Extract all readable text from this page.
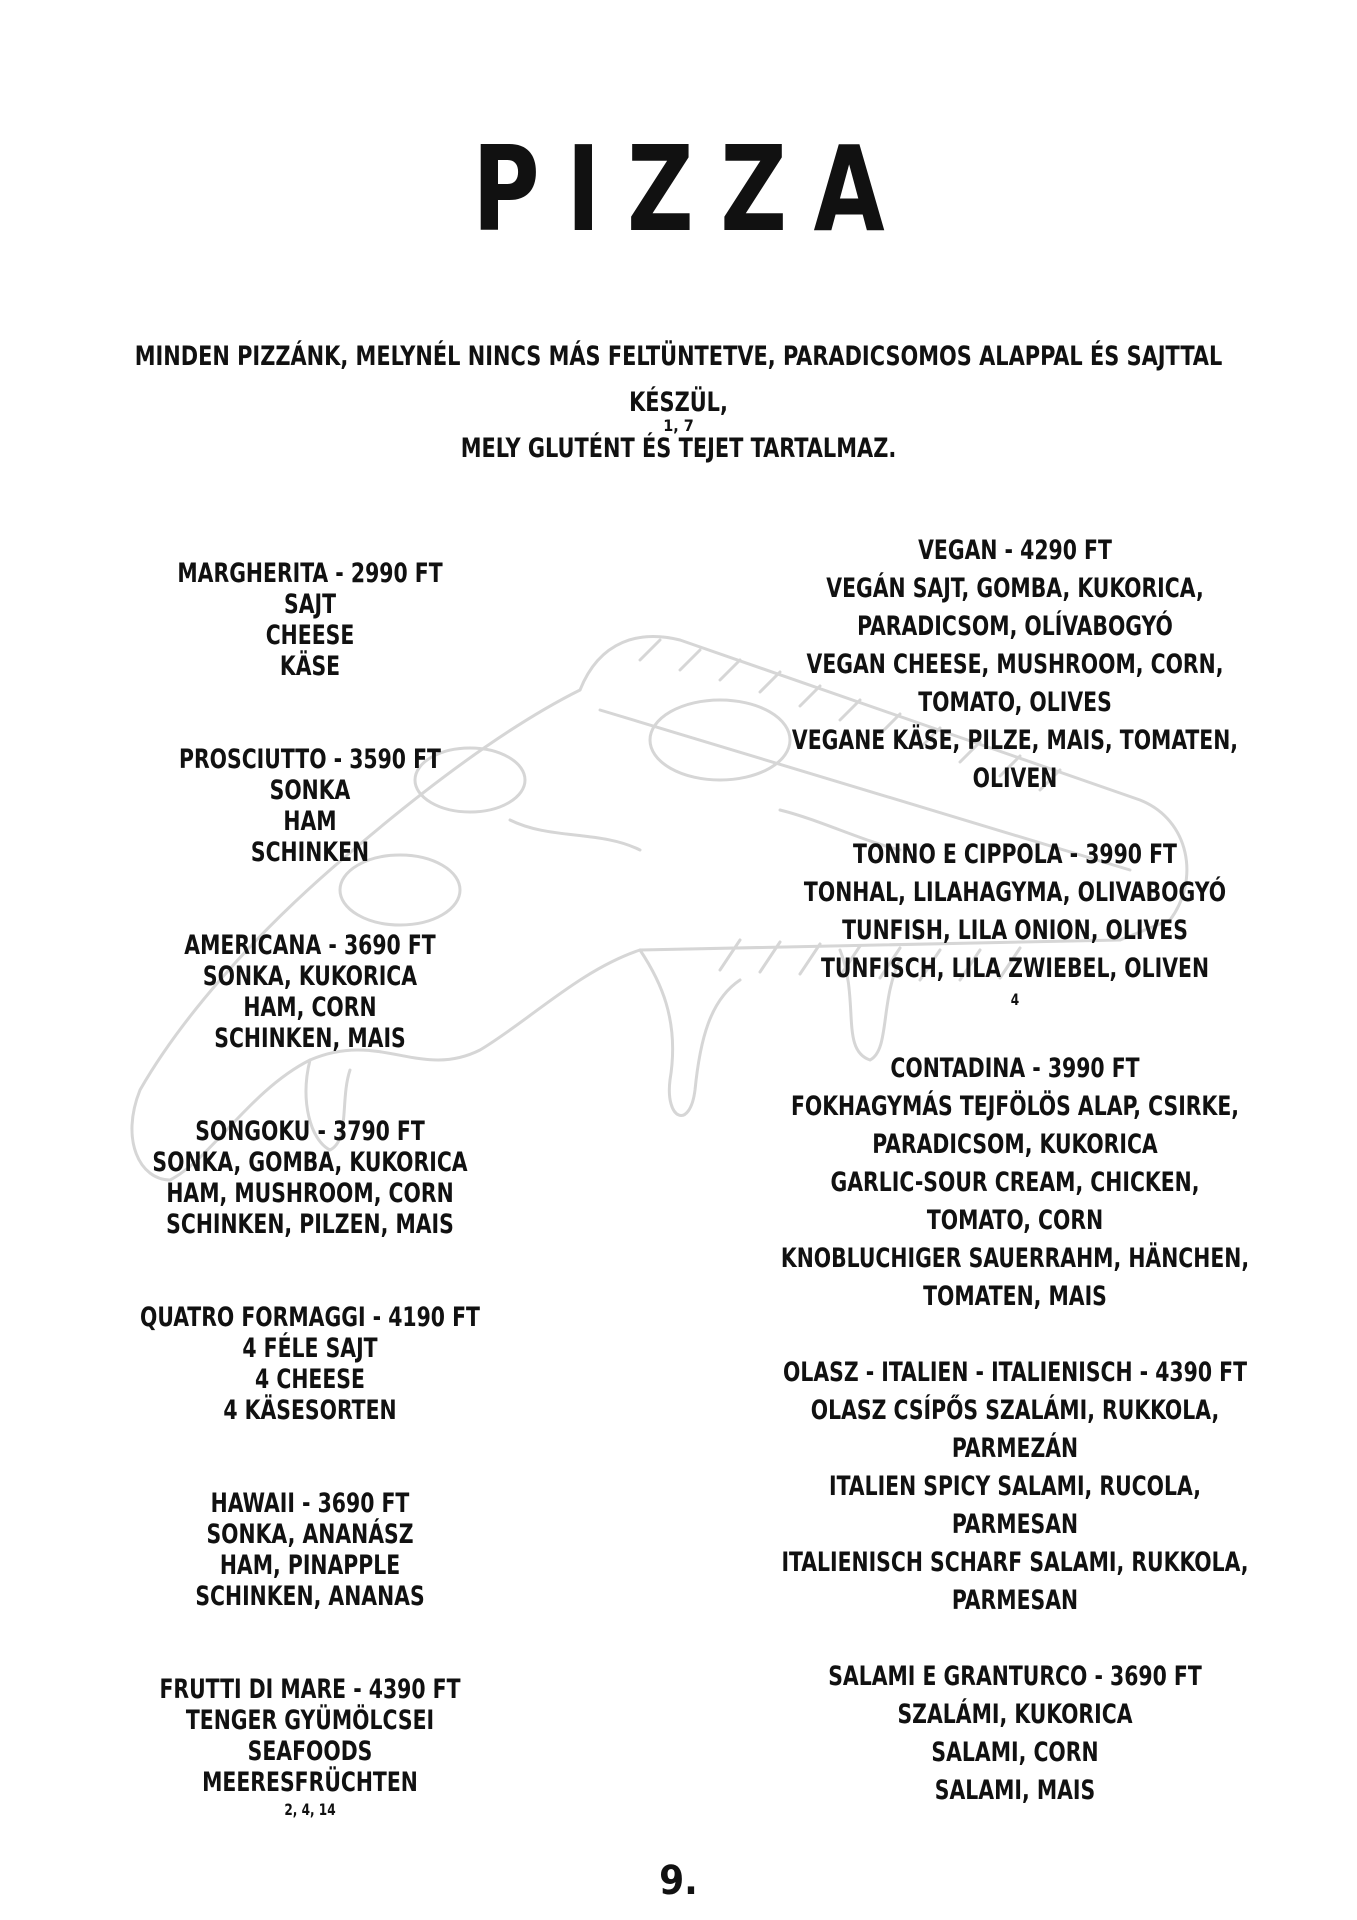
PIZZA
MINDEN PIZZÁNK, MELYNÉL NINCS MÁS FELTÜNTETVE, PARADICSOMOS ALAPPAL ÉS SAJTTAL KÉSZÜL,
MELY GLUTÉNT ÉS TEJET TARTALMAZ.
1, 7
MARGHERITA - 2990 FT
SAJT
CHEESE
KÄSE
PROSCIUTTO - 3590 FT
SONKA
HAM
SCHINKEN
AMERICANA - 3690 FT
SONKA, KUKORICA
HAM, CORN
SCHINKEN, MAIS
SONGOKU - 3790 FT
SONKA, GOMBA, KUKORICA
HAM, MUSHROOM, CORN
SCHINKEN, PILZEN, MAIS
QUATRO FORMAGGI - 4190 FT
4 FÉLE SAJT
4 CHEESE
4 KÄSESORTEN
HAWAII - 3690 FT
SONKA, ANANÁSZ
HAM, PINAPPLE
SCHINKEN, ANANAS
FRUTTI DI MARE - 4390 FT
TENGER GYÜMÖLCSEI
SEAFOODS
MEERESFRÜCHTEN
2, 4, 14
VEGAN - 4290 FT
VEGÁN SAJT, GOMBA, KUKORICA,
PARADICSOM, OLÍVABOGYÓ
VEGAN CHEESE, MUSHROOM, CORN,
TOMATO, OLIVES
VEGANE KÄSE, PILZE, MAIS, TOMATEN,
OLIVEN
TONNO E CIPPOLA - 3990 FT
TONHAL, LILAHAGYMA, OLIVABOGYÓ
TUNFISH, LILA ONION, OLIVES
TUNFISCH, LILA ZWIEBEL, OLIVEN
4
CONTADINA - 3990 FT
FOKHAGYMÁS TEJFÖLÖS ALAP, CSIRKE,
PARADICSOM, KUKORICA
GARLIC-SOUR CREAM, CHICKEN,
TOMATO, CORN
KNOBLUCHIGER SAUERRAHM, HÄNCHEN,
TOMATEN, MAIS
OLASZ - ITALIEN - ITALIENISCH - 4390 FT
OLASZ CSÍPŐS SZALÁMI, RUKKOLA,
PARMEZÁN
ITALIEN SPICY SALAMI, RUCOLA,
PARMESAN
ITALIENISCH SCHARF SALAMI, RUKKOLA,
PARMESAN
SALAMI E GRANTURCO - 3690 FT
SZALÁMI, KUKORICA
SALAMI, CORN
SALAMI, MAIS
9.
